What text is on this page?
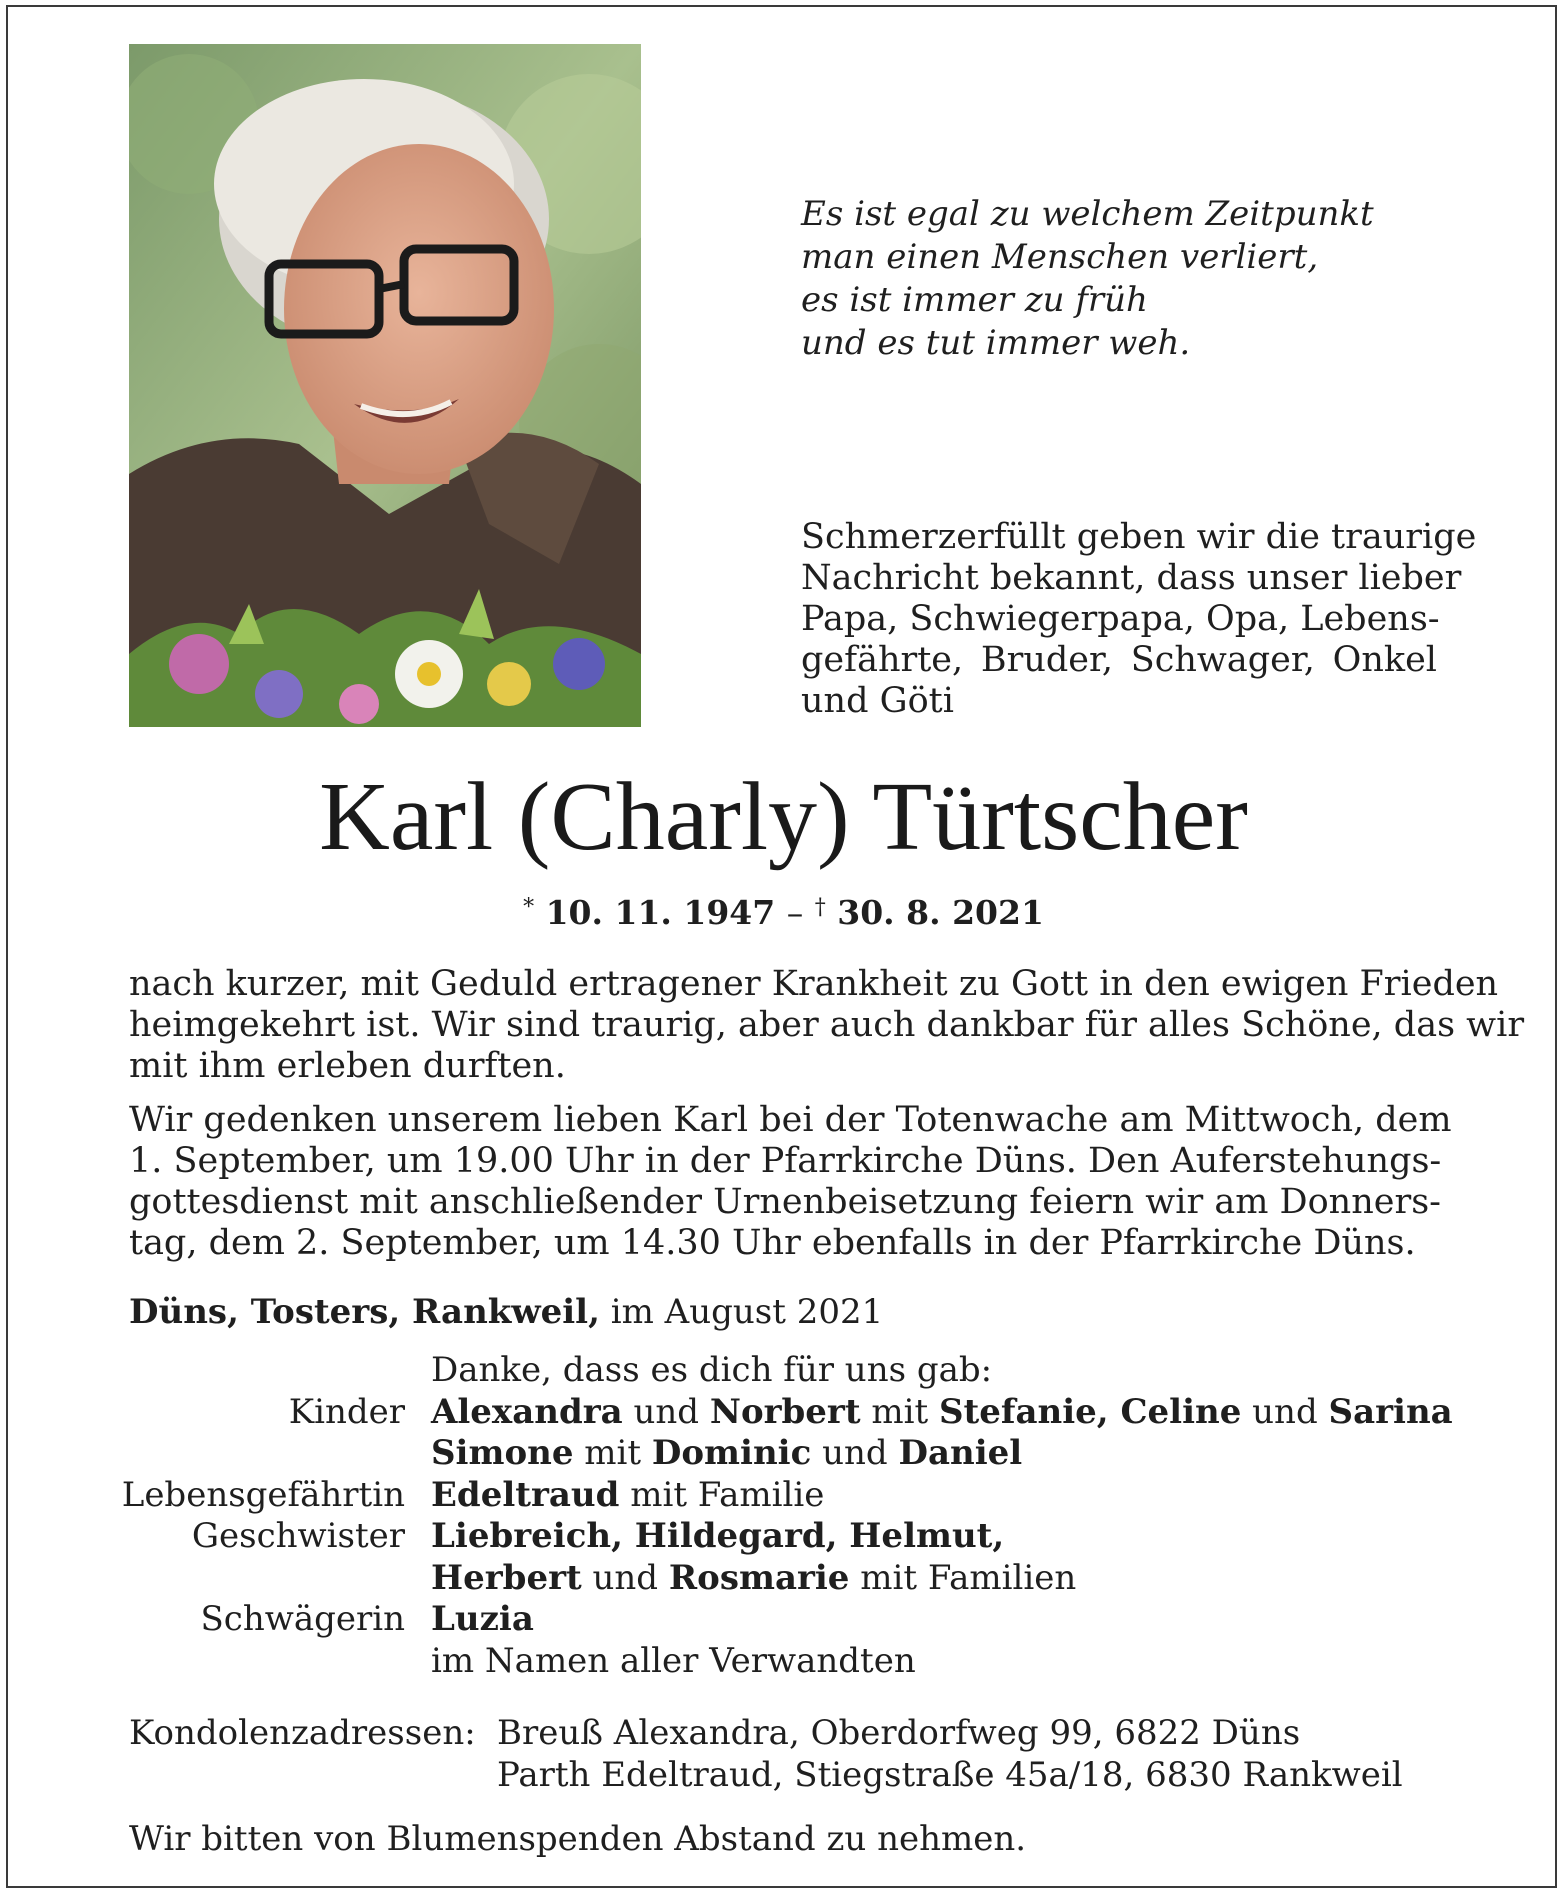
Es ist egal zu welchem Zeitpunkt
man einen Menschen verliert,
es ist immer zu früh
und es tut immer weh.
Schmerzerfüllt geben wir die traurige
Nachricht bekannt, dass unser lieber
Papa, Schwiegerpapa, Opa, Lebens-
gefährte, Bruder, Schwager, Onkel
und Göti
Karl (Charly) Türtscher
* 10. 11. 1947 – † 30. 8. 2021
nach kurzer, mit Geduld ertragener Krankheit zu Gott in den ewigen Frieden
heimgekehrt ist. Wir sind traurig, aber auch dankbar für alles Schöne, das wir
mit ihm erleben durften.
Wir gedenken unserem lieben Karl bei der Totenwache am Mittwoch, dem
1. September, um 19.00 Uhr in der Pfarrkirche Düns. Den Auferstehungs-
gottesdienst mit anschließender Urnenbeisetzung feiern wir am Donners-
tag, dem 2. September, um 14.30 Uhr ebenfalls in der Pfarrkirche Düns.
Düns, Tosters, Rankweil, im August 2021
Danke, dass es dich für uns gab:
Kinder Alexandra und Norbert mit Stefanie, Celine und Sarina
Simone mit Dominic und Daniel
Lebensgefährtin Edeltraud mit Familie
Geschwister Liebreich, Hildegard, Helmut,
Herbert und Rosmarie mit Familien
Schwägerin Luzia
im Namen aller Verwandten
Kondolenzadressen: Breuß Alexandra, Oberdorfweg 99, 6822 Düns
Parth Edeltraud, Stiegstraße 45a/18, 6830 Rankweil
Wir bitten von Blumenspenden Abstand zu nehmen.
